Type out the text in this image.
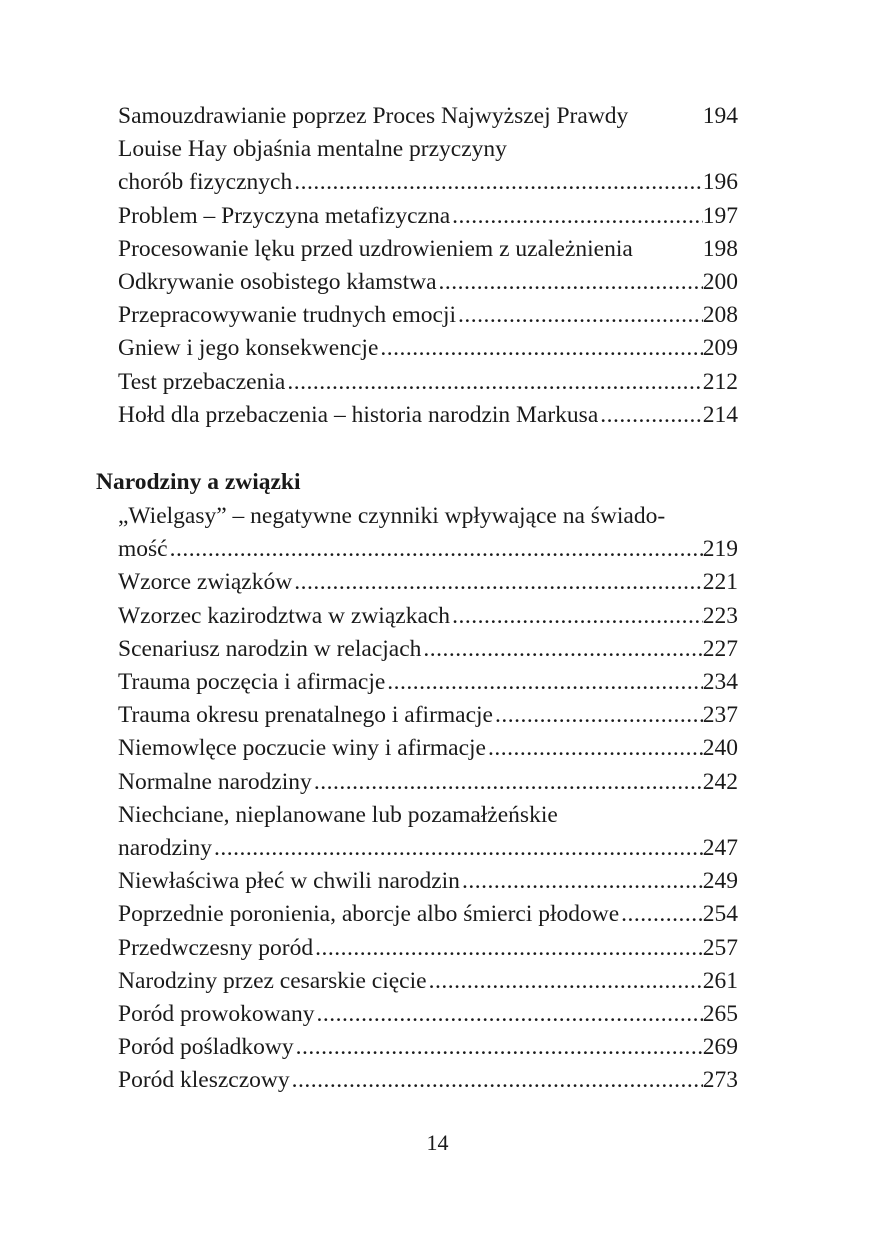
Samouzdrawianie poprzez Proces Najwyższej Prawdy	194
Louise Hay objaśnia mentalne przyczyny
chorób fizycznych .....	196
Problem – Przyczyna metafizyczna .....	197
Procesowanie lęku przed uzdrowieniem z uzależnienia	198
Odkrywanie osobistego kłamstwa .....	200
Przepracowywanie trudnych emocji .....	208
Gniew i jego konsekwencje .....	209
Test przebaczenia .....	212
Hołd dla przebaczenia – historia narodzin Markusa .....	214
Narodziny a związki
„Wielgasy” – negatywne czynniki wpływające na świado-
mość .....	219
Wzorce związków .....	221
Wzorzec kazirodztwa w związkach .....	223
Scenariusz narodzin w relacjach .....	227
Trauma poczęcia i afirmacje .....	234
Trauma okresu prenatalnego i afirmacje .....	237
Niemowlęce poczucie winy i afirmacje .....	240
Normalne narodziny .....	242
Niechciane, nieplanowane lub pozamałżeńskie
narodziny .....	247
Niewłaściwa płeć w chwili narodzin .....	249
Poprzednie poronienia, aborcje albo śmierci płodowe .....	254
Przedwczesny poród .....	257
Narodziny przez cesarskie cięcie .....	261
Poród prowokowany .....	265
Poród pośladkowy .....	269
Poród kleszczowy .....	273
14
